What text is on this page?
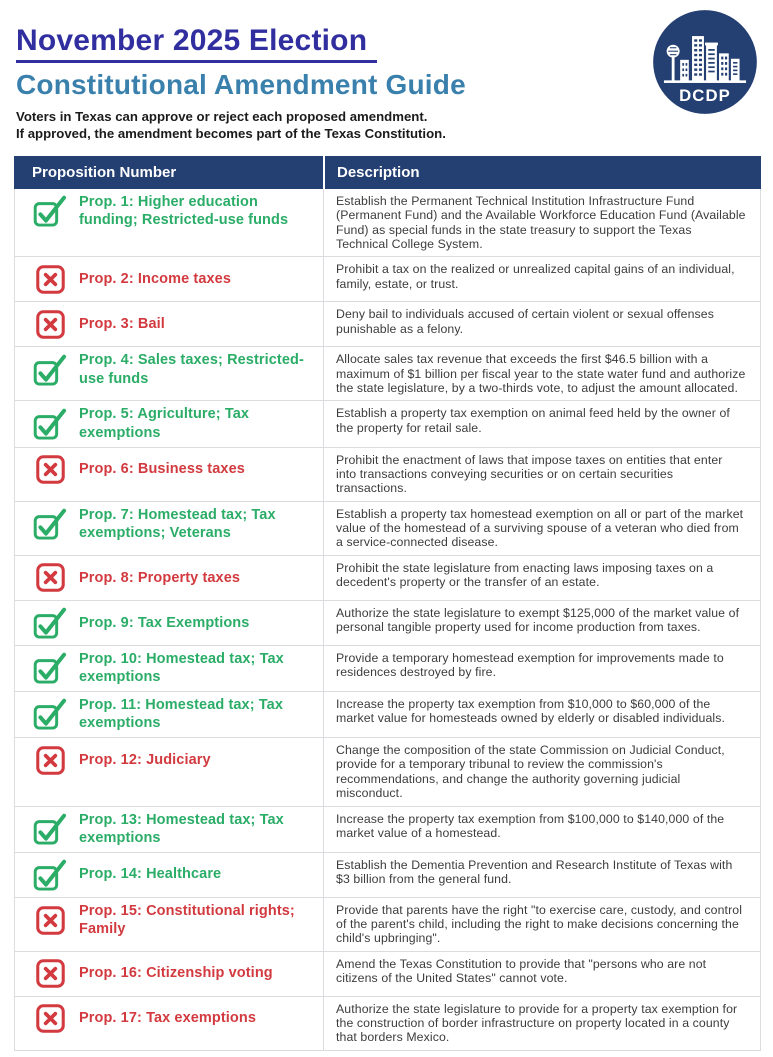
November 2025 Election
Constitutional Amendment Guide
Voters in Texas can approve or reject each proposed amendment.
If approved, the amendment becomes part of the Texas Constitution.
DCDP
Proposition Number	Description
Prop. 1: Higher education funding; Restricted-use funds
Establish the Permanent Technical Institution Infrastructure Fund (Permanent Fund) and the Available Workforce Education Fund (Available Fund) as special funds in the state treasury to support the Texas Technical College System.
Prop. 2: Income taxes
Prohibit a tax on the realized or unrealized capital gains of an individual, family, estate, or trust.
Prop. 3: Bail
Deny bail to individuals accused of certain violent or sexual offenses punishable as a felony.
Prop. 4: Sales taxes; Restricted-use funds
Allocate sales tax revenue that exceeds the first $46.5 billion with a maximum of $1 billion per fiscal year to the state water fund and authorize the state legislature, by a two-thirds vote, to adjust the amount allocated.
Prop. 5: Agriculture; Tax exemptions
Establish a property tax exemption on animal feed held by the owner of the property for retail sale.
Prop. 6: Business taxes
Prohibit the enactment of laws that impose taxes on entities that enter into transactions conveying securities or on certain securities transactions.
Prop. 7: Homestead tax; Tax exemptions; Veterans
Establish a property tax homestead exemption on all or part of the market value of the homestead of a surviving spouse of a veteran who died from a service-connected disease.
Prop. 8: Property taxes
Prohibit the state legislature from enacting laws imposing taxes on a decedent's property or the transfer of an estate.
Prop. 9: Tax Exemptions
Authorize the state legislature to exempt $125,000 of the market value of personal tangible property used for income production from taxes.
Prop. 10: Homestead tax; Tax exemptions
Provide a temporary homestead exemption for improvements made to residences destroyed by fire.
Prop. 11: Homestead tax; Tax exemptions
Increase the property tax exemption from $10,000 to $60,000 of the market value for homesteads owned by elderly or disabled individuals.
Prop. 12: Judiciary
Change the composition of the state Commission on Judicial Conduct, provide for a temporary tribunal to review the commission's recommendations, and change the authority governing judicial misconduct.
Prop. 13: Homestead tax; Tax exemptions
Increase the property tax exemption from $100,000 to $140,000 of the market value of a homestead.
Prop. 14: Healthcare
Establish the Dementia Prevention and Research Institute of Texas with $3 billion from the general fund.
Prop. 15: Constitutional rights; Family
Provide that parents have the right "to exercise care, custody, and control of the parent's child, including the right to make decisions concerning the child's upbringing".
Prop. 16: Citizenship voting
Amend the Texas Constitution to provide that "persons who are not citizens of the United States" cannot vote.
Prop. 17: Tax exemptions
Authorize the state legislature to provide for a property tax exemption for the construction of border infrastructure on property located in a county that borders Mexico.
